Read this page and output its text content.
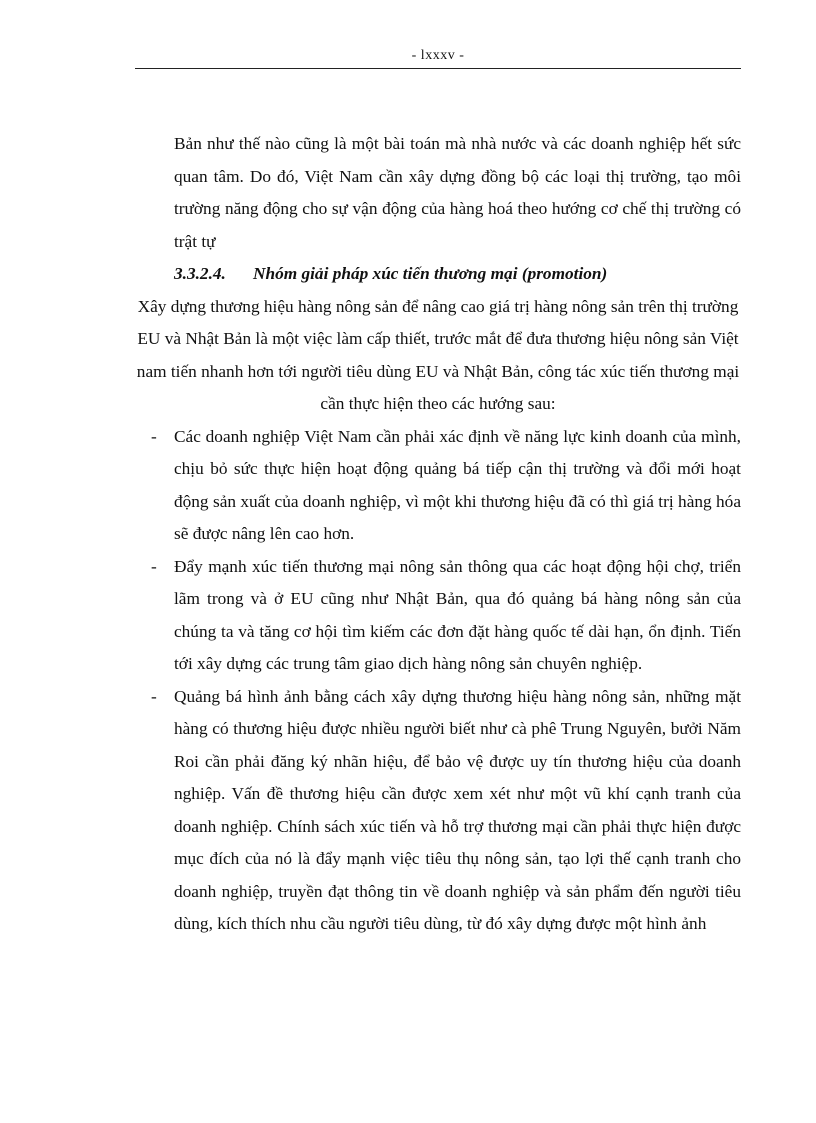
- lxxxv -

Bản như thế nào cũng là một bài toán mà nhà nước và các doanh nghiệp hết sức quan tâm. Do đó, Việt Nam cần xây dựng đồng bộ các loại thị trường, tạo môi trường năng động cho sự vận động của hàng hoá theo hướng cơ chế thị trường có trật tự

3.3.2.4. Nhóm giải pháp xúc tiến thương mại (promotion)

Xây dựng thương hiệu hàng nông sản để nâng cao giá trị hàng nông sản trên thị trường EU và Nhật Bản là một việc làm cấp thiết, trước mắt để đưa thương hiệu nông sản Việt nam tiến nhanh hơn tới người tiêu dùng EU và Nhật Bản, công tác xúc tiến thương mại cần thực hiện theo các hướng sau:

- Các doanh nghiệp Việt Nam cần phải xác định về năng lực kinh doanh của mình, chịu bỏ sức thực hiện hoạt động quảng bá tiếp cận thị trường và đổi mới hoạt động sản xuất của doanh nghiệp, vì một khi thương hiệu đã có thì giá trị hàng hóa sẽ được nâng lên cao hơn.
- Đẩy mạnh xúc tiến thương mại nông sản thông qua các hoạt động hội chợ, triển lãm trong và ở EU cũng như Nhật Bản, qua đó quảng bá hàng nông sản của chúng ta và tăng cơ hội tìm kiếm các đơn đặt hàng quốc tế dài hạn, ổn định. Tiến tới xây dựng các trung tâm giao dịch hàng nông sản chuyên nghiệp.
- Quảng bá hình ảnh bằng cách xây dựng thương hiệu hàng nông sản, những mặt hàng có thương hiệu được nhiều người biết như cà phê Trung Nguyên, bưởi Năm Roi cần phải đăng ký nhãn hiệu, để bảo vệ được uy tín thương hiệu của doanh nghiệp. Vấn đề thương hiệu cần được xem xét như một vũ khí cạnh tranh của doanh nghiệp. Chính sách xúc tiến và hỗ trợ thương mại cần phải thực hiện được mục đích của nó là đẩy mạnh việc tiêu thụ nông sản, tạo lợi thế cạnh tranh cho doanh nghiệp, truyền đạt thông tin về doanh nghiệp và sản phẩm đến người tiêu dùng, kích thích nhu cầu người tiêu dùng, từ đó xây dựng được một hình ảnh
